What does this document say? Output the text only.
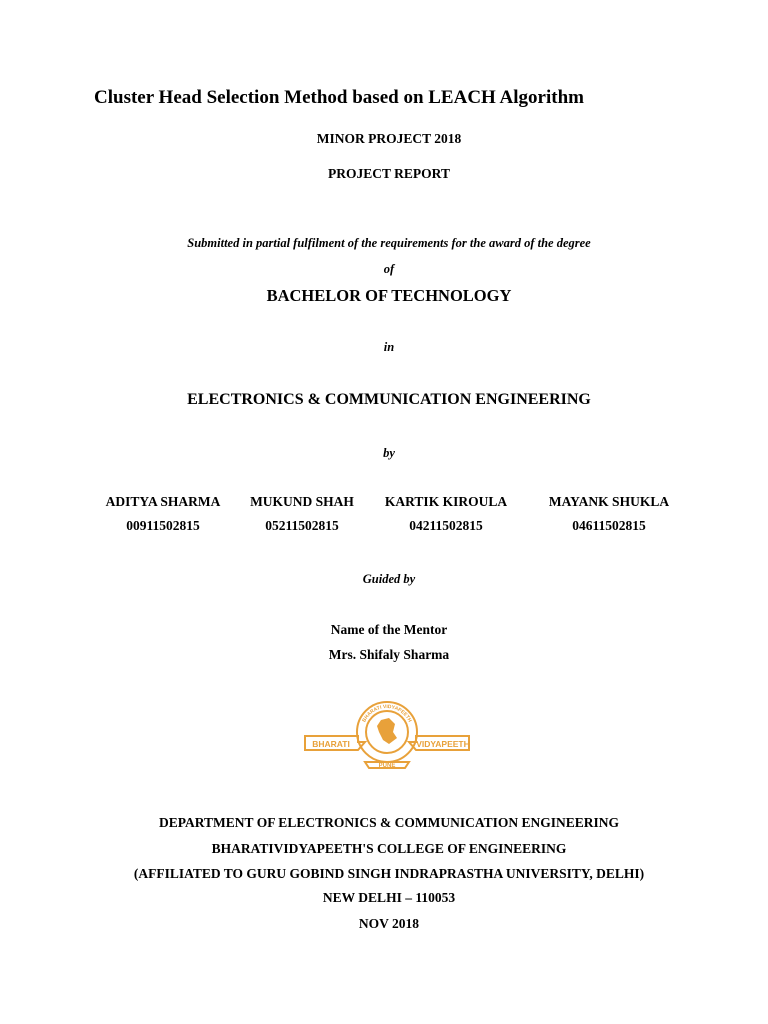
Cluster Head Selection Method based on LEACH Algorithm
MINOR PROJECT 2018
PROJECT REPORT
Submitted in partial fulfilment of the requirements for the award of the degree
of
BACHELOR OF TECHNOLOGY
in
ELECTRONICS & COMMUNICATION ENGINEERING
by
ADITYA SHARMA
00911502815
MUKUND SHAH
05211502815
KARTIK KIROULA
04211502815
MAYANK SHUKLA
04611502815
Guided by
Name of the Mentor
Mrs. Shifaly Sharma
BHARATI	VIDYAPEETH
PUNE
BHARATI VIDYAPEETH
DEPARTMENT OF ELECTRONICS & COMMUNICATION ENGINEERING
BHARATIVIDYAPEETH'S COLLEGE OF ENGINEERING
(AFFILIATED TO GURU GOBIND SINGH INDRAPRASTHA UNIVERSITY, DELHI)
NEW DELHI – 110053
NOV 2018
